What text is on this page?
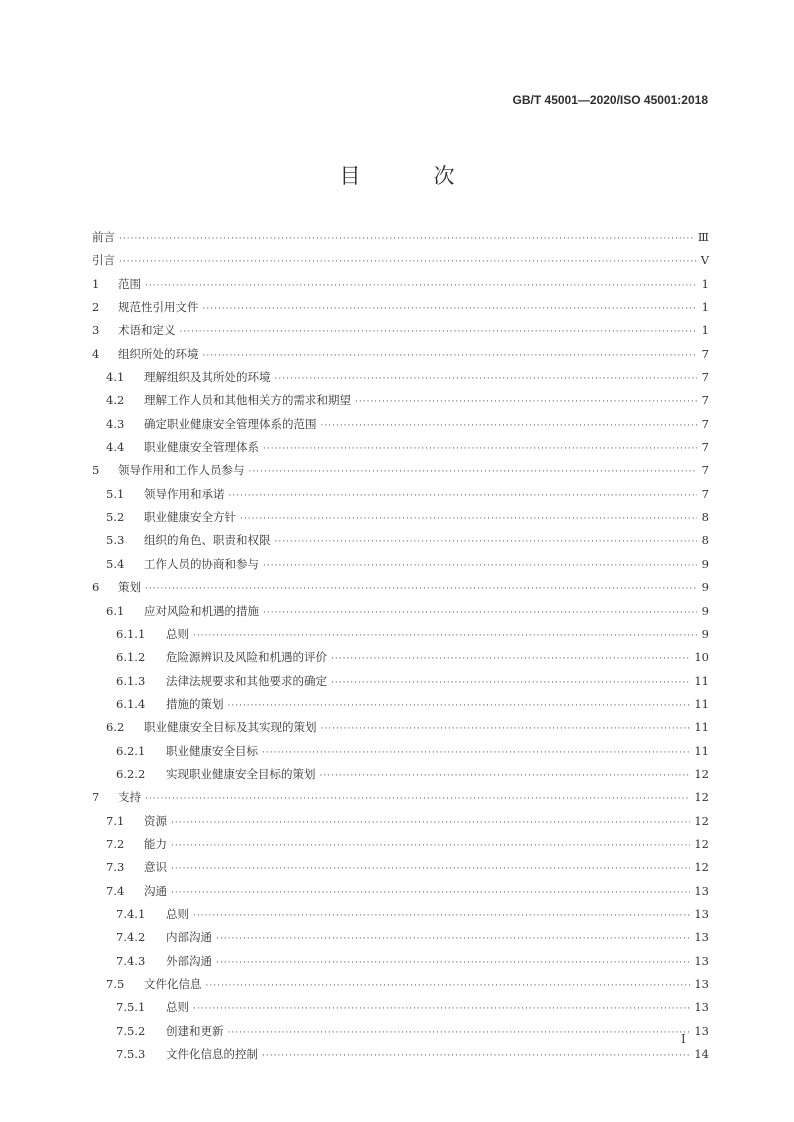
GB/T 45001—2020/ISO 45001:2018
目　次
前言 ·····	Ⅲ
引言 ·····	Ⅴ
1	范围 ·····	1
2	规范性引用文件 ·····	1
3	术语和定义 ·····	1
4	组织所处的环境 ·····	7
4.1	理解组织及其所处的环境 ·····	7
4.2	理解工作人员和其他相关方的需求和期望 ·····	7
4.3	确定职业健康安全管理体系的范围 ·····	7
4.4	职业健康安全管理体系 ·····	7
5	领导作用和工作人员参与 ·····	7
5.1	领导作用和承诺 ·····	7
5.2	职业健康安全方针 ·····	8
5.3	组织的角色、职责和权限 ·····	8
5.4	工作人员的协商和参与 ·····	9
6	策划 ·····	9
6.1	应对风险和机遇的措施 ·····	9
6.1.1	总则 ·····	9
6.1.2	危险源辨识及风险和机遇的评价 ·····	10
6.1.3	法律法规要求和其他要求的确定 ·····	11
6.1.4	措施的策划 ·····	11
6.2	职业健康安全目标及其实现的策划 ·····	11
6.2.1	职业健康安全目标 ·····	11
6.2.2	实现职业健康安全目标的策划 ·····	12
7	支持 ·····	12
7.1	资源 ·····	12
7.2	能力 ·····	12
7.3	意识 ·····	12
7.4	沟通 ·····	13
7.4.1	总则 ·····	13
7.4.2	内部沟通 ·····	13
7.4.3	外部沟通 ·····	13
7.5	文件化信息 ·····	13
7.5.1	总则 ·····	13
7.5.2	创建和更新 ·····	13
7.5.3	文件化信息的控制 ·····	14
Ⅰ
